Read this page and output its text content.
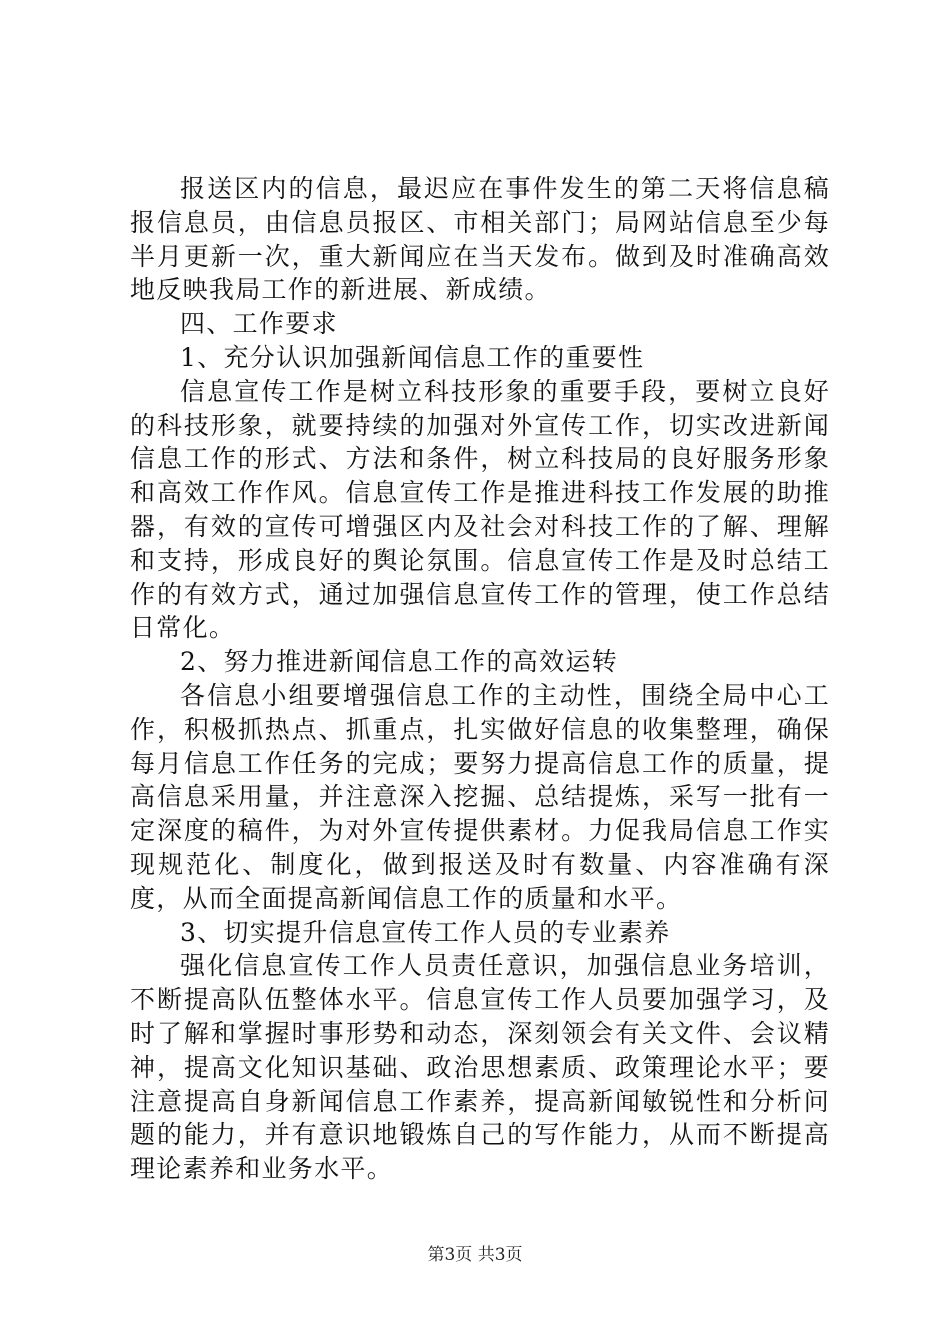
报送区内的信息，最迟应在事件发生的第二天将信息稿报信息员，由信息员报区、市相关部门；局网站信息至少每半月更新一次，重大新闻应在当天发布。做到及时准确高效地反映我局工作的新进展、新成绩。

四、工作要求

1、充分认识加强新闻信息工作的重要性

信息宣传工作是树立科技形象的重要手段，要树立良好的科技形象，就要持续的加强对外宣传工作，切实改进新闻信息工作的形式、方法和条件，树立科技局的良好服务形象和高效工作作风。信息宣传工作是推进科技工作发展的助推器，有效的宣传可增强区内及社会对科技工作的了解、理解和支持，形成良好的舆论氛围。信息宣传工作是及时总结工作的有效方式，通过加强信息宣传工作的管理，使工作总结日常化。

2、努力推进新闻信息工作的高效运转

各信息小组要增强信息工作的主动性，围绕全局中心工作，积极抓热点、抓重点，扎实做好信息的收集整理，确保每月信息工作任务的完成；要努力提高信息工作的质量，提高信息采用量，并注意深入挖掘、总结提炼，采写一批有一定深度的稿件，为对外宣传提供素材。力促我局信息工作实现规范化、制度化，做到报送及时有数量、内容准确有深度，从而全面提高新闻信息工作的质量和水平。

3、切实提升信息宣传工作人员的专业素养

强化信息宣传工作人员责任意识，加强信息业务培训，不断提高队伍整体水平。信息宣传工作人员要加强学习，及时了解和掌握时事形势和动态，深刻领会有关文件、会议精神，提高文化知识基础、政治思想素质、政策理论水平；要注意提高自身新闻信息工作素养，提高新闻敏锐性和分析问题的能力，并有意识地锻炼自己的写作能力，从而不断提高理论素养和业务水平。

第3页 共3页
